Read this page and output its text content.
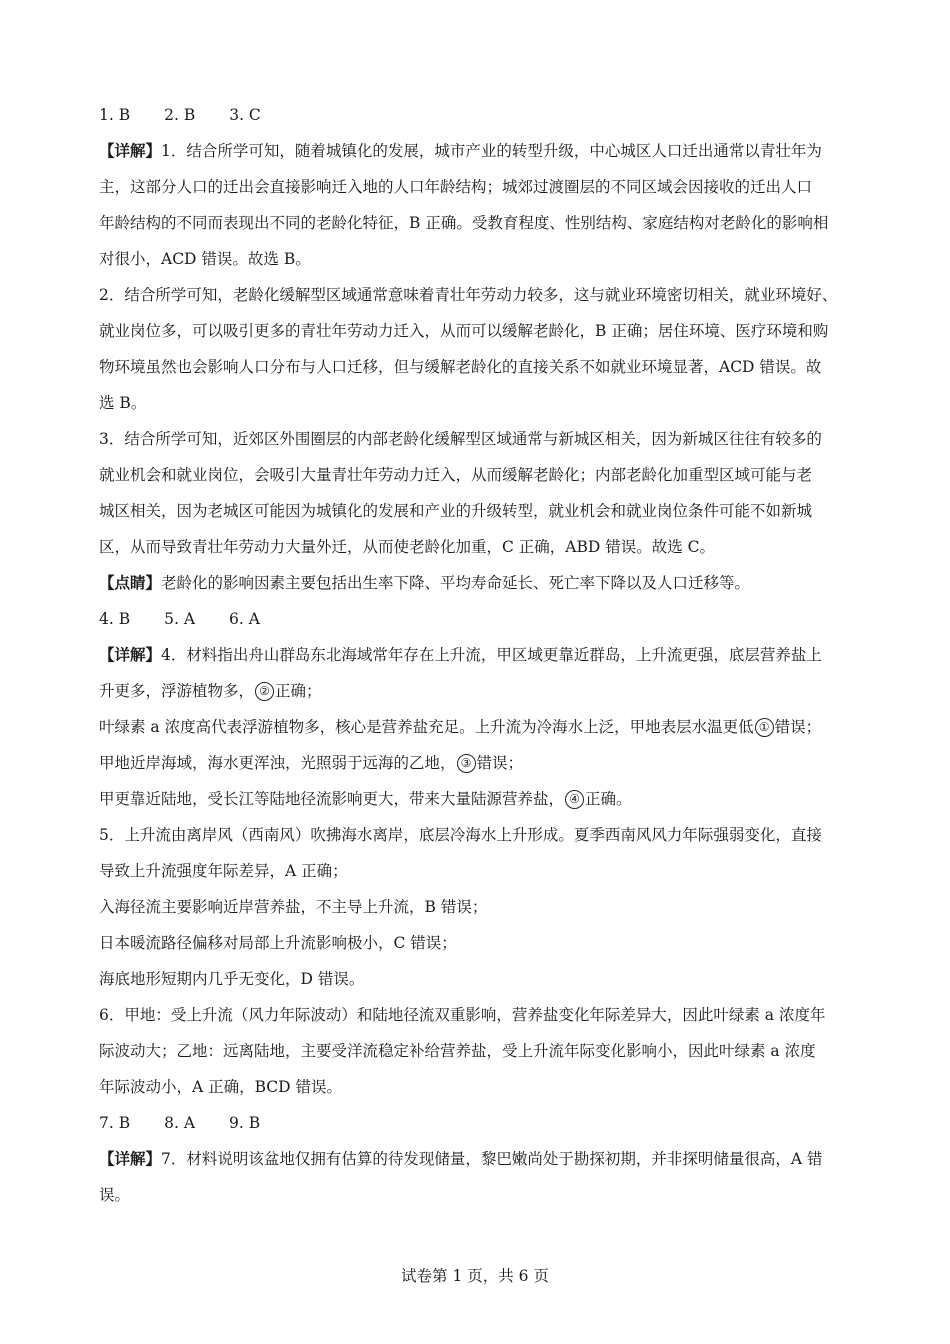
1. B 2. B 3. C
【详解】1．结合所学可知，随着城镇化的发展，城市产业的转型升级，中心城区人口迁出通常以青壮年为
主，这部分人口的迁出会直接影响迁入地的人口年龄结构；城郊过渡圈层的不同区域会因接收的迁出人口
年龄结构的不同而表现出不同的老龄化特征，B 正确。受教育程度、性别结构、家庭结构对老龄化的影响相
对很小，ACD 错误。故选 B。
2．结合所学可知，老龄化缓解型区域通常意味着青壮年劳动力较多，这与就业环境密切相关，就业环境好、
就业岗位多，可以吸引更多的青壮年劳动力迁入，从而可以缓解老龄化，B 正确；居住环境、医疗环境和购
物环境虽然也会影响人口分布与人口迁移，但与缓解老龄化的直接关系不如就业环境显著，ACD 错误。故
选 B。
3．结合所学可知，近郊区外围圈层的内部老龄化缓解型区域通常与新城区相关，因为新城区往往有较多的
就业机会和就业岗位，会吸引大量青壮年劳动力迁入，从而缓解老龄化；内部老龄化加重型区域可能与老
城区相关，因为老城区可能因为城镇化的发展和产业的升级转型，就业机会和就业岗位条件可能不如新城
区，从而导致青壮年劳动力大量外迁，从而使老龄化加重，C 正确，ABD 错误。故选 C。
【点睛】老龄化的影响因素主要包括出生率下降、平均寿命延长、死亡率下降以及人口迁移等。
4. B 5. A 6. A
【详解】4．材料指出舟山群岛东北海域常年存在上升流，甲区域更靠近群岛，上升流更强，底层营养盐上
升更多，浮游植物多， ② 正确；
叶绿素 a 浓度高代表浮游植物多，核心是营养盐充足。上升流为冷海水上泛，甲地表层水温更低 ① 错误；
甲地近岸海域，海水更浑浊，光照弱于远海的乙地， ③ 错误；
甲更靠近陆地，受长江等陆地径流影响更大，带来大量陆源营养盐， ④ 正确。
5．上升流由离岸风（西南风）吹拂海水离岸，底层冷海水上升形成。夏季西南风风力年际强弱变化，直接
导致上升流强度年际差异，A 正确；
入海径流主要影响近岸营养盐，不主导上升流，B 错误；
日本暖流路径偏移对局部上升流影响极小，C 错误；
海底地形短期内几乎无变化，D 错误。
6．甲地：受上升流（风力年际波动）和陆地径流双重影响，营养盐变化年际差异大，因此叶绿素 a 浓度年
际波动大；乙地：远离陆地，主要受洋流稳定补给营养盐，受上升流年际变化影响小，因此叶绿素 a 浓度
年际波动小，A 正确，BCD 错误。
7. B 8. A 9. B
【详解】7．材料说明该盆地仅拥有估算的待发现储量，黎巴嫩尚处于勘探初期，并非探明储量很高，A 错
误。
试卷第 1 页，共 6 页
